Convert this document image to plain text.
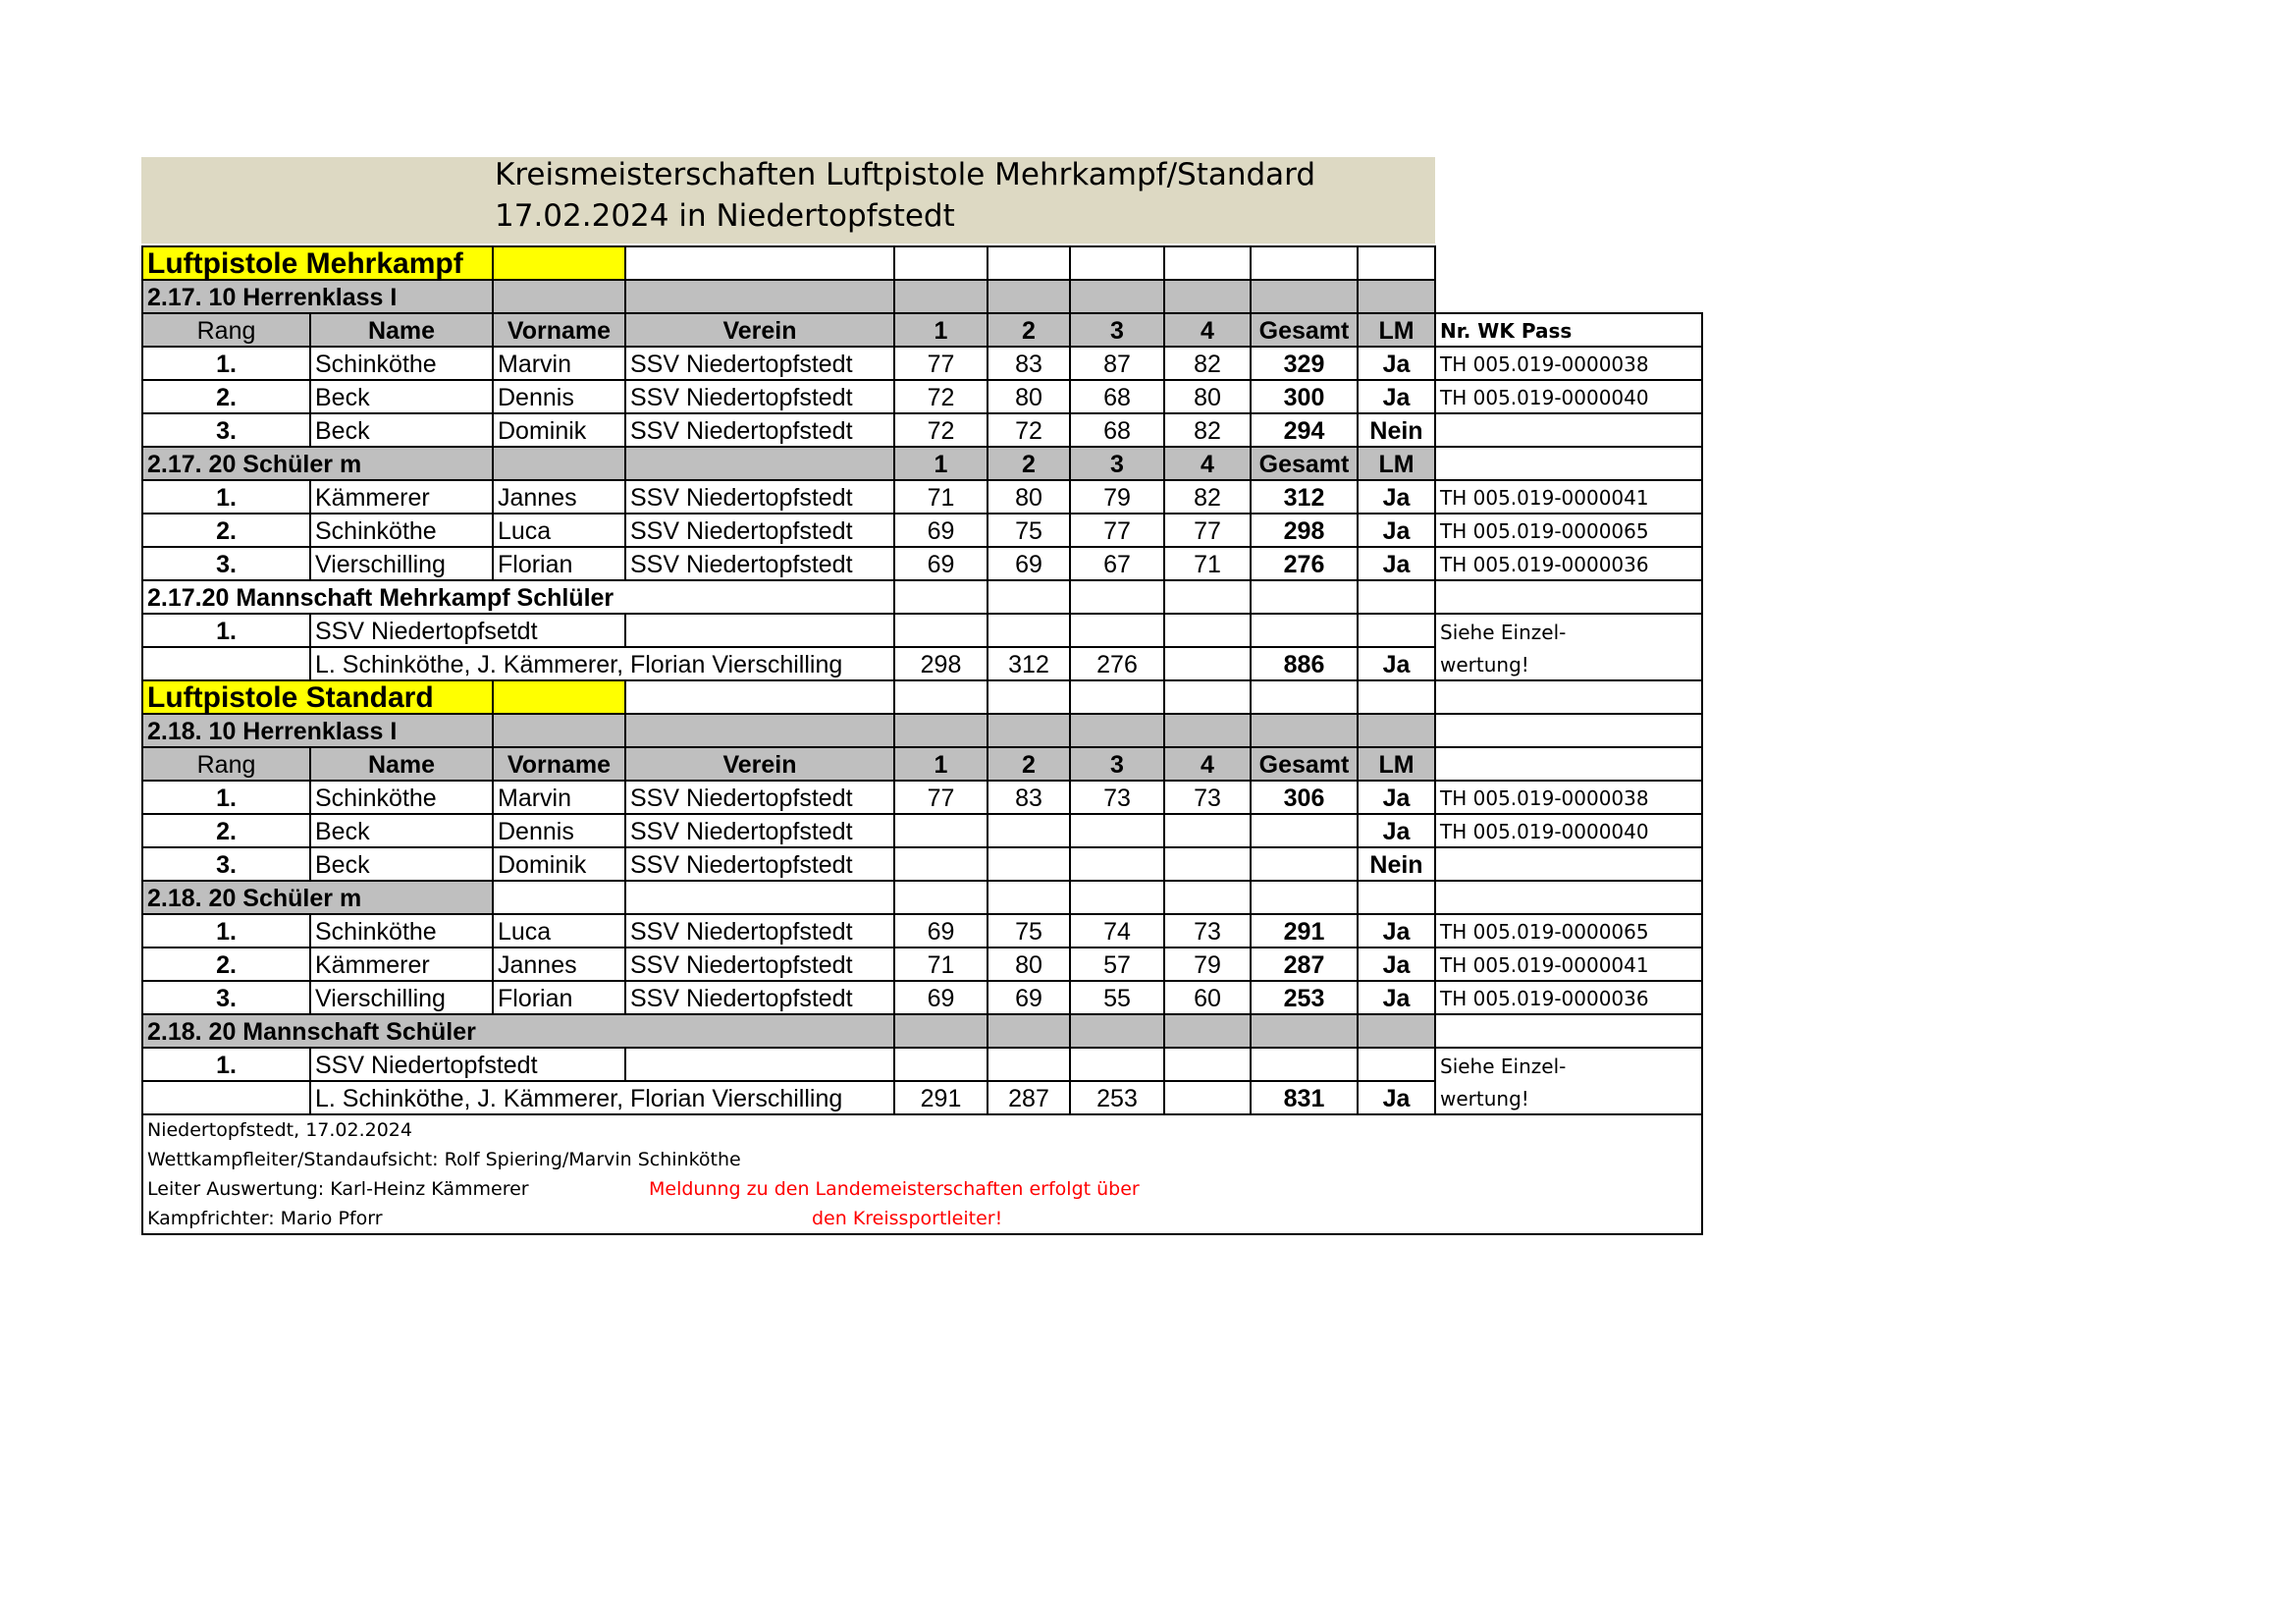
Kreismeisterschaften Luftpistole Mehrkampf/Standard
17.02.2024 in Niedertopfstedt
Luftpistole Mehrkampf										
2.17. 10 Herrenklass I										
Rang	Name	Vorname	Verein	1	2	3	4	Gesamt	LM	Nr. WK Pass
1.	Schinköthe	Marvin	SSV Niedertopfstedt	77	83	87	82	329	Ja	TH 005.019-0000038
2.	Beck	Dennis	SSV Niedertopfstedt	72	80	68	80	300	Ja	TH 005.019-0000040
3.	Beck	Dominik	SSV Niedertopfstedt	72	72	68	82	294	Nein	
2.17. 20 Schüler m				1	2	3	4	Gesamt	LM	
1.	Kämmerer	Jannes	SSV Niedertopfstedt	71	80	79	82	312	Ja	TH 005.019-0000041
2.	Schinköthe	Luca	SSV Niedertopfstedt	69	75	77	77	298	Ja	TH 005.019-0000065
3.	Vierschilling	Florian	SSV Niedertopfstedt	69	69	67	71	276	Ja	TH 005.019-0000036
2.17.20 Mannschaft Mehrkampf Schlüler										
1.	SSV Niedertopfsetdt									Siehe Einzel-
	L. Schinköthe, J. Kämmerer, Florian Vierschilling			298	312	276		886	Ja	wertung!
Luftpistole Standard										
2.18. 10 Herrenklass I										
Rang	Name	Vorname	Verein	1	2	3	4	Gesamt	LM	
1.	Schinköthe	Marvin	SSV Niedertopfstedt	77	83	73	73	306	Ja	TH 005.019-0000038
2.	Beck	Dennis	SSV Niedertopfstedt						Ja	TH 005.019-0000040
3.	Beck	Dominik	SSV Niedertopfstedt						Nein	
2.18. 20 Schüler m										
1.	Schinköthe	Luca	SSV Niedertopfstedt	69	75	74	73	291	Ja	TH 005.019-0000065
2.	Kämmerer	Jannes	SSV Niedertopfstedt	71	80	57	79	287	Ja	TH 005.019-0000041
3.	Vierschilling	Florian	SSV Niedertopfstedt	69	69	55	60	253	Ja	TH 005.019-0000036
2.18. 20 Mannschaft Schüler										
1.	SSV Niedertopfstedt									Siehe Einzel-
	L. Schinköthe, J. Kämmerer, Florian Vierschilling			291	287	253		831	Ja	wertung!
Niedertopfstedt, 17.02.2024										
Wettkampfleiter/Standaufsicht: Rolf Spiering/Marvin Schinköthe										
Leiter Auswertung: Karl-Heinz Kämmerer			Meldunng zu den Landemeisterschaften erfolgt über							
Kampfrichter: Mario Pforr			den Kreissportleiter!							
